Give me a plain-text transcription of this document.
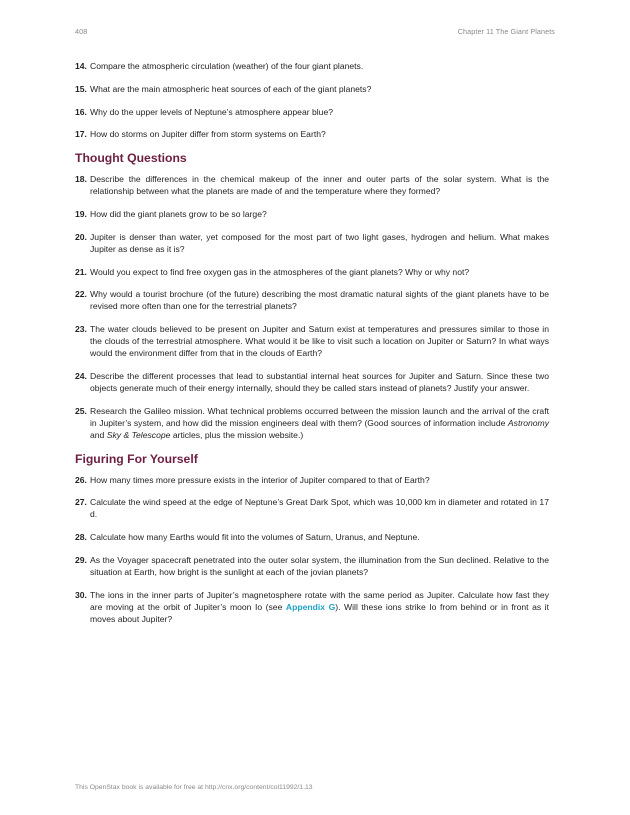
408	Chapter 11 The Giant Planets
14. Compare the atmospheric circulation (weather) of the four giant planets.
15. What are the main atmospheric heat sources of each of the giant planets?
16. Why do the upper levels of Neptune’s atmosphere appear blue?
17. How do storms on Jupiter differ from storm systems on Earth?
Thought Questions
18. Describe the differences in the chemical makeup of the inner and outer parts of the solar system. What is the relationship between what the planets are made of and the temperature where they formed?
19. How did the giant planets grow to be so large?
20. Jupiter is denser than water, yet composed for the most part of two light gases, hydrogen and helium. What makes Jupiter as dense as it is?
21. Would you expect to find free oxygen gas in the atmospheres of the giant planets? Why or why not?
22. Why would a tourist brochure (of the future) describing the most dramatic natural sights of the giant planets have to be revised more often than one for the terrestrial planets?
23. The water clouds believed to be present on Jupiter and Saturn exist at temperatures and pressures similar to those in the clouds of the terrestrial atmosphere. What would it be like to visit such a location on Jupiter or Saturn? In what ways would the environment differ from that in the clouds of Earth?
24. Describe the different processes that lead to substantial internal heat sources for Jupiter and Saturn. Since these two objects generate much of their energy internally, should they be called stars instead of planets? Justify your answer.
25. Research the Galileo mission. What technical problems occurred between the mission launch and the arrival of the craft in Jupiter’s system, and how did the mission engineers deal with them? (Good sources of information include Astronomy and Sky & Telescope articles, plus the mission website.)
Figuring For Yourself
26. How many times more pressure exists in the interior of Jupiter compared to that of Earth?
27. Calculate the wind speed at the edge of Neptune’s Great Dark Spot, which was 10,000 km in diameter and rotated in 17 d.
28. Calculate how many Earths would fit into the volumes of Saturn, Uranus, and Neptune.
29. As the Voyager spacecraft penetrated into the outer solar system, the illumination from the Sun declined. Relative to the situation at Earth, how bright is the sunlight at each of the jovian planets?
30. The ions in the inner parts of Jupiter’s magnetosphere rotate with the same period as Jupiter. Calculate how fast they are moving at the orbit of Jupiter’s moon Io (see Appendix G). Will these ions strike Io from behind or in front as it moves about Jupiter?
This OpenStax book is available for free at http://cnx.org/content/col11992/1.13
